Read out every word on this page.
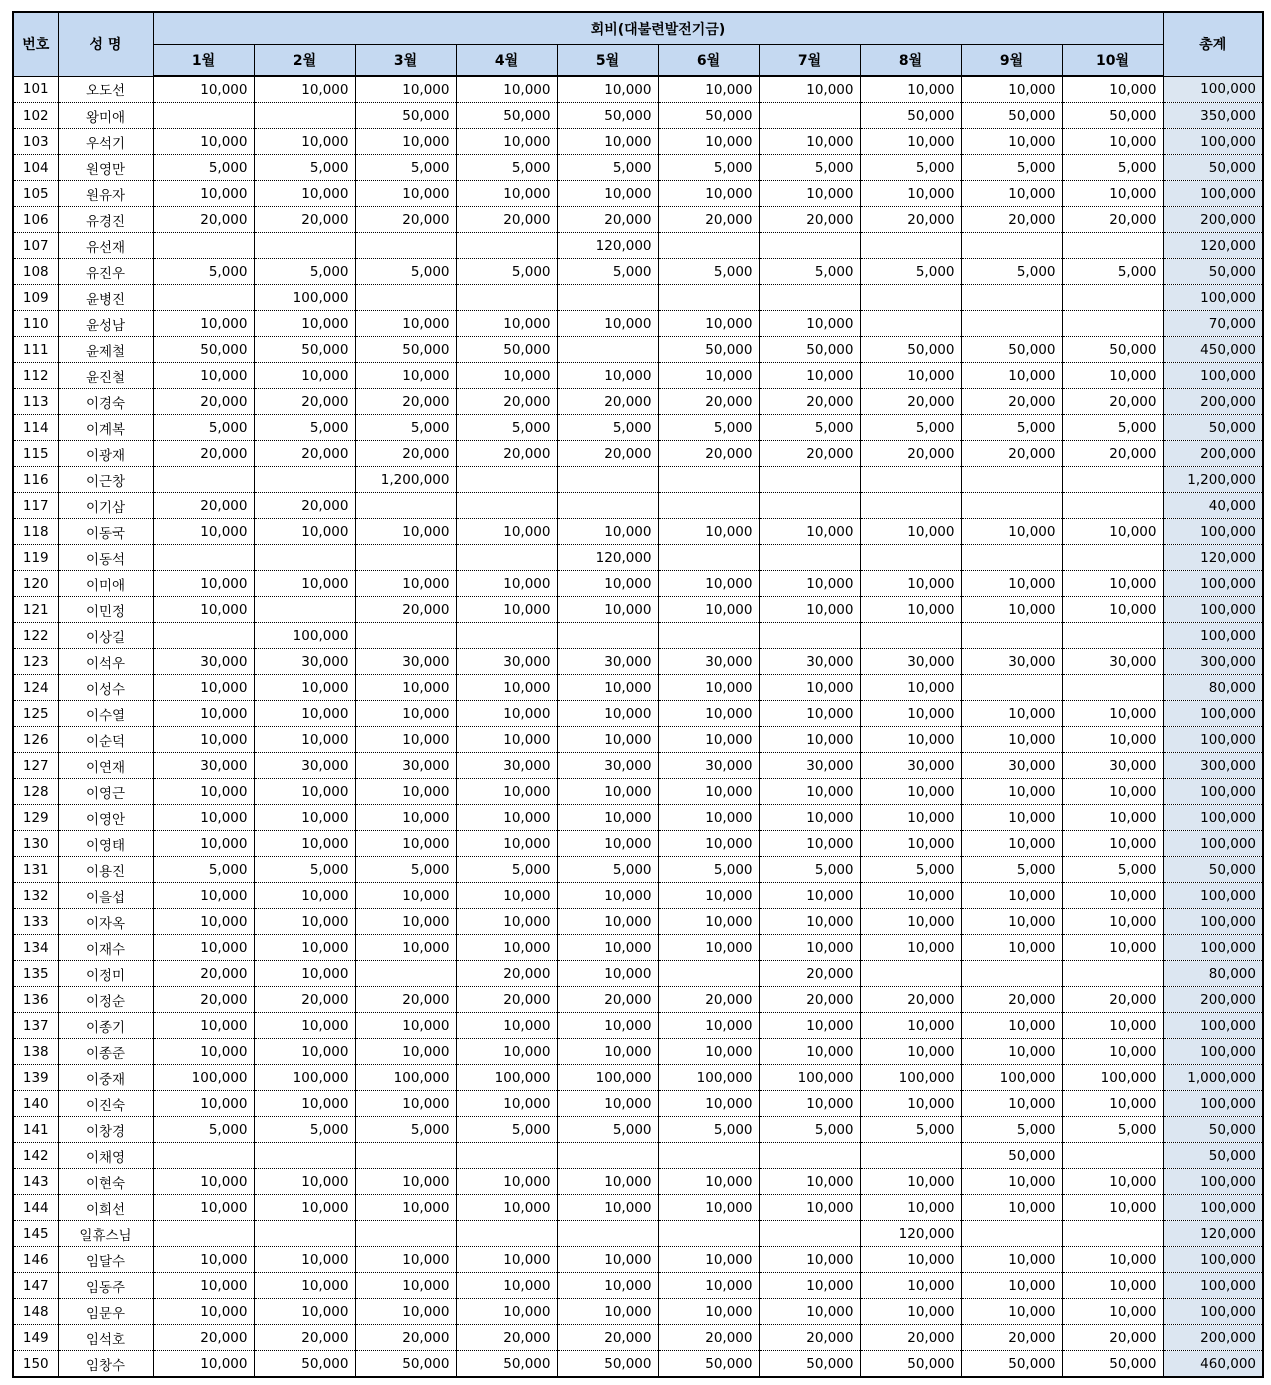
번호	성 명	회비(대불련발전기금)										총계
		1월	2월	3월	4월	5월	6월	7월	8월	9월	10월	
101	오도선	10,000	10,000	10,000	10,000	10,000	10,000	10,000	10,000	10,000	10,000	100,000
102	왕미애			50,000	50,000	50,000	50,000		50,000	50,000	50,000	350,000
103	우석기	10,000	10,000	10,000	10,000	10,000	10,000	10,000	10,000	10,000	10,000	100,000
104	원영만	5,000	5,000	5,000	5,000	5,000	5,000	5,000	5,000	5,000	5,000	50,000
105	원유자	10,000	10,000	10,000	10,000	10,000	10,000	10,000	10,000	10,000	10,000	100,000
106	유경진	20,000	20,000	20,000	20,000	20,000	20,000	20,000	20,000	20,000	20,000	200,000
107	유선재					120,000						120,000
108	유진우	5,000	5,000	5,000	5,000	5,000	5,000	5,000	5,000	5,000	5,000	50,000
109	윤병진		100,000									100,000
110	윤성남	10,000	10,000	10,000	10,000	10,000	10,000	10,000				70,000
111	윤제철	50,000	50,000	50,000	50,000		50,000	50,000	50,000	50,000	50,000	450,000
112	윤진철	10,000	10,000	10,000	10,000	10,000	10,000	10,000	10,000	10,000	10,000	100,000
113	이경숙	20,000	20,000	20,000	20,000	20,000	20,000	20,000	20,000	20,000	20,000	200,000
114	이계복	5,000	5,000	5,000	5,000	5,000	5,000	5,000	5,000	5,000	5,000	50,000
115	이광재	20,000	20,000	20,000	20,000	20,000	20,000	20,000	20,000	20,000	20,000	200,000
116	이근창			1,200,000								1,200,000
117	이기삼	20,000	20,000									40,000
118	이동국	10,000	10,000	10,000	10,000	10,000	10,000	10,000	10,000	10,000	10,000	100,000
119	이동석					120,000						120,000
120	이미애	10,000	10,000	10,000	10,000	10,000	10,000	10,000	10,000	10,000	10,000	100,000
121	이민정	10,000		20,000	10,000	10,000	10,000	10,000	10,000	10,000	10,000	100,000
122	이상길		100,000									100,000
123	이석우	30,000	30,000	30,000	30,000	30,000	30,000	30,000	30,000	30,000	30,000	300,000
124	이성수	10,000	10,000	10,000	10,000	10,000	10,000	10,000	10,000			80,000
125	이수열	10,000	10,000	10,000	10,000	10,000	10,000	10,000	10,000	10,000	10,000	100,000
126	이순덕	10,000	10,000	10,000	10,000	10,000	10,000	10,000	10,000	10,000	10,000	100,000
127	이연재	30,000	30,000	30,000	30,000	30,000	30,000	30,000	30,000	30,000	30,000	300,000
128	이영근	10,000	10,000	10,000	10,000	10,000	10,000	10,000	10,000	10,000	10,000	100,000
129	이영안	10,000	10,000	10,000	10,000	10,000	10,000	10,000	10,000	10,000	10,000	100,000
130	이영태	10,000	10,000	10,000	10,000	10,000	10,000	10,000	10,000	10,000	10,000	100,000
131	이용진	5,000	5,000	5,000	5,000	5,000	5,000	5,000	5,000	5,000	5,000	50,000
132	이을섭	10,000	10,000	10,000	10,000	10,000	10,000	10,000	10,000	10,000	10,000	100,000
133	이자옥	10,000	10,000	10,000	10,000	10,000	10,000	10,000	10,000	10,000	10,000	100,000
134	이재수	10,000	10,000	10,000	10,000	10,000	10,000	10,000	10,000	10,000	10,000	100,000
135	이정미	20,000	10,000		20,000	10,000		20,000				80,000
136	이정순	20,000	20,000	20,000	20,000	20,000	20,000	20,000	20,000	20,000	20,000	200,000
137	이종기	10,000	10,000	10,000	10,000	10,000	10,000	10,000	10,000	10,000	10,000	100,000
138	이종준	10,000	10,000	10,000	10,000	10,000	10,000	10,000	10,000	10,000	10,000	100,000
139	이중재	100,000	100,000	100,000	100,000	100,000	100,000	100,000	100,000	100,000	100,000	1,000,000
140	이진숙	10,000	10,000	10,000	10,000	10,000	10,000	10,000	10,000	10,000	10,000	100,000
141	이창경	5,000	5,000	5,000	5,000	5,000	5,000	5,000	5,000	5,000	5,000	50,000
142	이채영									50,000		50,000
143	이현숙	10,000	10,000	10,000	10,000	10,000	10,000	10,000	10,000	10,000	10,000	100,000
144	이희선	10,000	10,000	10,000	10,000	10,000	10,000	10,000	10,000	10,000	10,000	100,000
145	일휴스님								120,000			120,000
146	임달수	10,000	10,000	10,000	10,000	10,000	10,000	10,000	10,000	10,000	10,000	100,000
147	임동주	10,000	10,000	10,000	10,000	10,000	10,000	10,000	10,000	10,000	10,000	100,000
148	임문우	10,000	10,000	10,000	10,000	10,000	10,000	10,000	10,000	10,000	10,000	100,000
149	임석호	20,000	20,000	20,000	20,000	20,000	20,000	20,000	20,000	20,000	20,000	200,000
150	임창수	10,000	50,000	50,000	50,000	50,000	50,000	50,000	50,000	50,000	50,000	460,000
